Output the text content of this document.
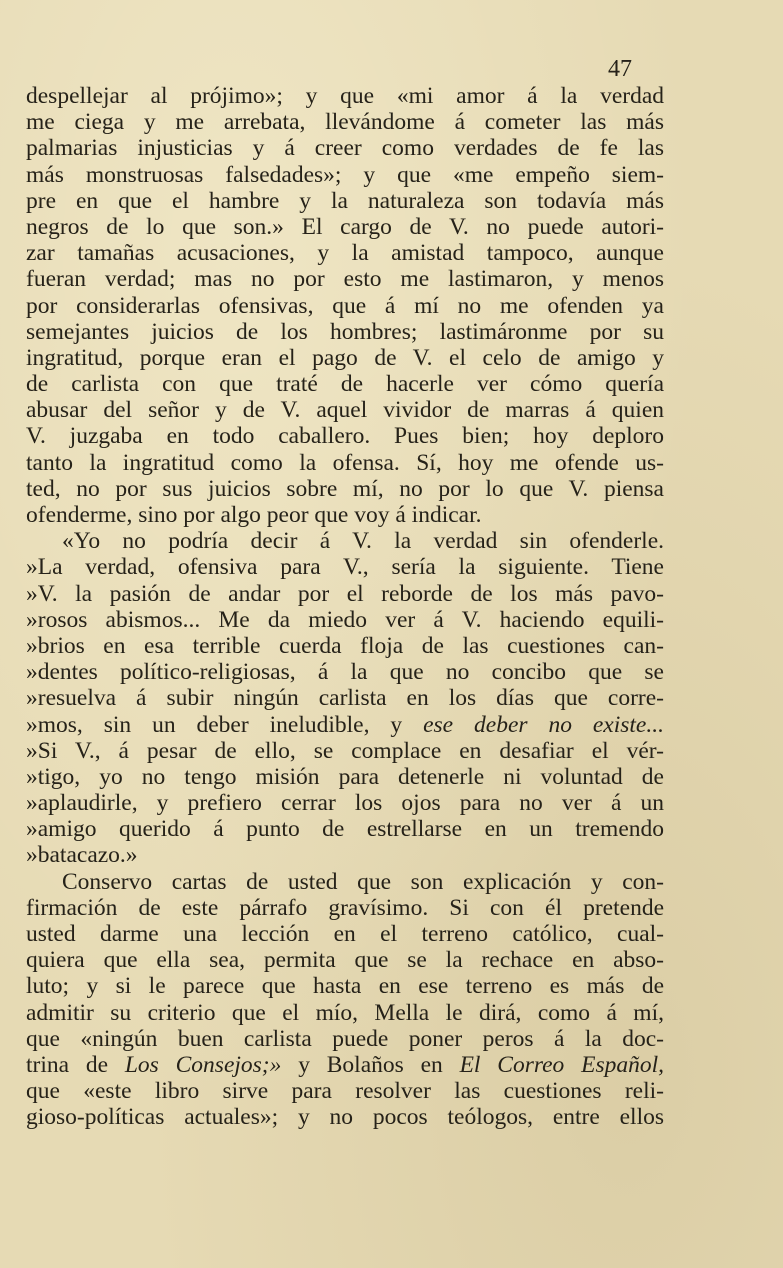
47
despellejar al prójimo»; y que «mi amor á la verdad
me ciega y me arrebata, llevándome á cometer las más
palmarias injusticias y á creer como verdades de fe las
más monstruosas falsedades»; y que «me empeño siem-
pre en que el hambre y la naturaleza son todavía más
negros de lo que son.» El cargo de V. no puede autori-
zar tamañas acusaciones, y la amistad tampoco, aunque
fueran verdad; mas no por esto me lastimaron, y menos
por considerarlas ofensivas, que á mí no me ofenden ya
semejantes juicios de los hombres; lastimáronme por su
ingratitud, porque eran el pago de V. el celo de amigo y
de carlista con que traté de hacerle ver cómo quería
abusar del señor y de V. aquel vividor de marras á quien
V. juzgaba en todo caballero. Pues bien; hoy deploro
tanto la ingratitud como la ofensa. Sí, hoy me ofende us-
ted, no por sus juicios sobre mí, no por lo que V. piensa
ofenderme, sino por algo peor que voy á indicar.
«Yo no podría decir á V. la verdad sin ofenderle.
»La verdad, ofensiva para V., sería la siguiente. Tiene
»V. la pasión de andar por el reborde de los más pavo-
»rosos abismos... Me da miedo ver á V. haciendo equili-
»brios en esa terrible cuerda floja de las cuestiones can-
»dentes político-religiosas, á la que no concibo que se
»resuelva á subir ningún carlista en los días que corre-
»mos, sin un deber ineludible, y ese deber no existe...
»Si V., á pesar de ello, se complace en desafiar el vér-
»tigo, yo no tengo misión para detenerle ni voluntad de
»aplaudirle, y prefiero cerrar los ojos para no ver á un
»amigo querido á punto de estrellarse en un tremendo
»batacazo.»
Conservo cartas de usted que son explicación y con-
firmación de este párrafo gravísimo. Si con él pretende
usted darme una lección en el terreno católico, cual-
quiera que ella sea, permita que se la rechace en abso-
luto; y si le parece que hasta en ese terreno es más de
admitir su criterio que el mío, Mella le dirá, como á mí,
que «ningún buen carlista puede poner peros á la doc-
trina de Los Consejos;» y Bolaños en El Correo Español,
que «este libro sirve para resolver las cuestiones reli-
gioso-políticas actuales»; y no pocos teólogos, entre ellos
